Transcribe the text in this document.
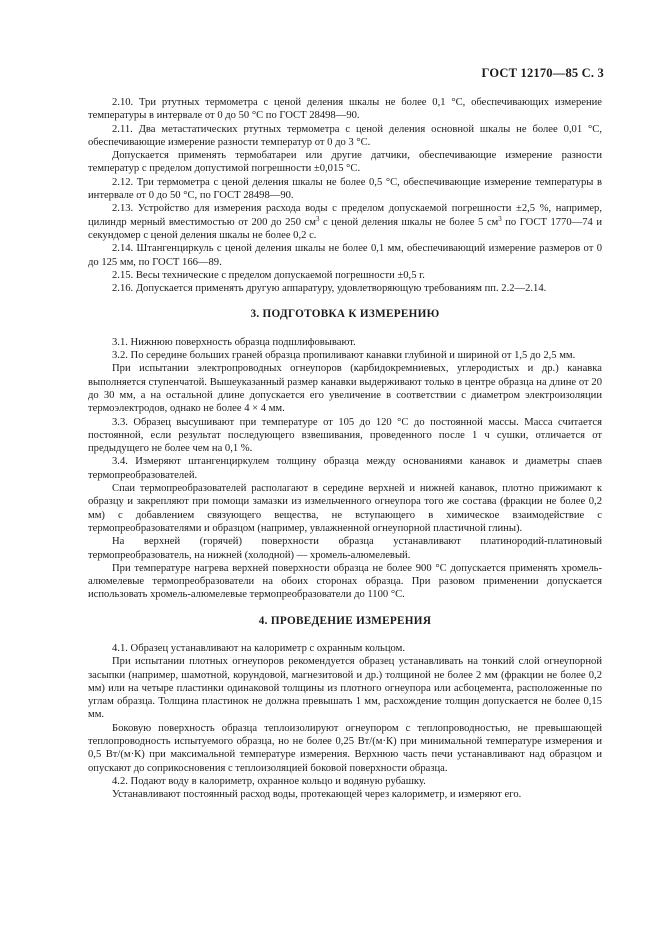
ГОСТ 12170—85 С. 3

2.10. Три ртутных термометра с ценой деления шкалы не более 0,1 °С, обеспечивающих измерение температуры в интервале от 0 до 50 °С по ГОСТ 28498—90.

2.11. Два метастатических ртутных термометра с ценой деления основной шкалы не более 0,01 °С, обеспечивающие измерение разности температур от 0 до 3 °С.

Допускается применять термобатареи или другие датчики, обеспечивающие измерение разности температур с пределом допустимой погрешности ±0,015 °С.

2.12. Три термометра с ценой деления шкалы не более 0,5 °С, обеспечивающие измерение температуры в интервале от 0 до 50 °С, по ГОСТ 28498—90.

2.13. Устройство для измерения расхода воды с пределом допускаемой погрешности ±2,5 %, например, цилиндр мерный вместимостью от 200 до 250 $см^3$ с ценой деления шкалы не более 5 $см^3$ по ГОСТ 1770—74 и секундомер с ценой деления шкалы не более 0,2 с.

2.14. Штангенциркуль с ценой деления шкалы не более 0,1 мм, обеспечивающий измерение размеров от 0 до 125 мм, по ГОСТ 166—89.

2.15. Весы технические с пределом допускаемой погрешности ±0,5 г.

2.16. Допускается применять другую аппаратуру, удовлетворяющую требованиям пп. 2.2—2.14.

3. ПОДГОТОВКА К ИЗМЕРЕНИЮ

3.1. Нижнюю поверхность образца подшлифовывают.

3.2. По середине больших граней образца пропиливают канавки глубиной и шириной от 1,5 до 2,5 мм.

При испытании электропроводных огнеупоров (карбидокремниевых, углеродистых и др.) канавка выполняется ступенчатой. Вышеуказанный размер канавки выдерживают только в центре образца на длине от 20 до 30 мм, а на остальной длине допускается его увеличение в соответствии с диаметром электроизоляции термоэлектродов, однако не более 4 × 4 мм.

3.3. Образец высушивают при температуре от 105 до 120 °С до постоянной массы. Масса считается постоянной, если результат последующего взвешивания, проведенного после 1 ч сушки, отличается от предыдущего не более чем на 0,1 %.

3.4. Измеряют штангенциркулем толщину образца между основаниями канавок и диаметры спаев термопреобразователей.

Спаи термопреобразователей располагают в середине верхней и нижней канавок, плотно прижимают к образцу и закрепляют при помощи замазки из измельченного огнеупора того же состава (фракции не более 0,2 мм) с добавлением связующего вещества, не вступающего в химическое взаимодействие с термопреобразователями и образцом (например, увлажненной огнеупорной пластичной глины).

На верхней (горячей) поверхности образца устанавливают платинородий-платиновый термопреобразователь, на нижней (холодной) — хромель-алюмелевый.

При температуре нагрева верхней поверхности образца не более 900 °С допускается применять хромель-алюмелевые термопреобразователи на обоих сторонах образца. При разовом применении допускается использовать хромель-алюмелевые термопреобразователи до 1100 °С.

4. ПРОВЕДЕНИЕ ИЗМЕРЕНИЯ

4.1. Образец устанавливают на калориметр с охранным кольцом.

При испытании плотных огнеупоров рекомендуется образец устанавливать на тонкий слой огнеупорной засыпки (например, шамотной, корундовой, магнезитовой и др.) толщиной не более 2 мм (фракции не более 0,2 мм) или на четыре пластинки одинаковой толщины из плотного огнеупора или асбоцемента, расположенные по углам образца. Толщина пластинок не должна превышать 1 мм, расхождение толщин допускается не более 0,15 мм.

Боковую поверхность образца теплоизолируют огнеупором с теплопроводностью, не превышающей теплопроводность испытуемого образца, но не более 0,25 Вт/(м·К) при минимальной температуре измерения и 0,5 Вт/(м·К) при максимальной температуре измерения. Верхнюю часть печи устанавливают над образцом и опускают до соприкосновения с теплоизоляцией боковой поверхности образца.

4.2. Подают воду в калориметр, охранное кольцо и водяную рубашку.

Устанавливают постоянный расход воды, протекающей через калориметр, и измеряют его.
